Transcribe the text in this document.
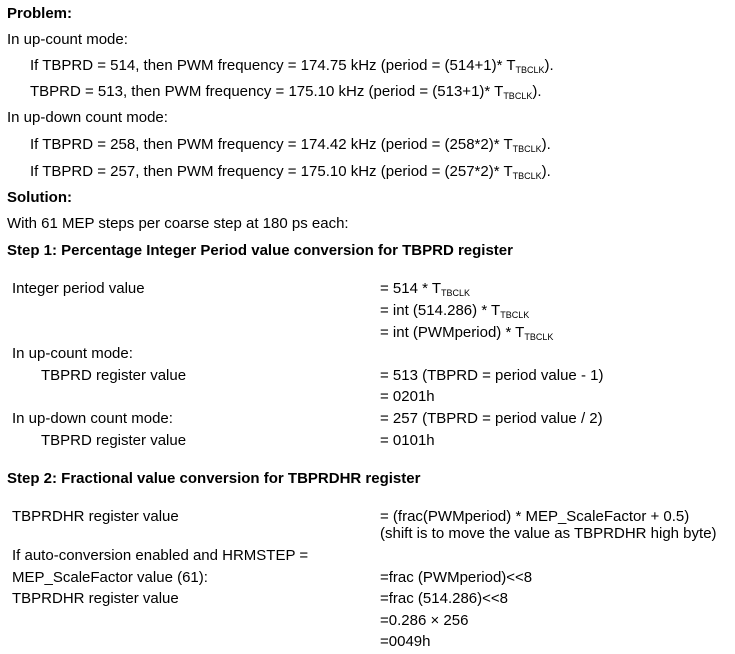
Problem:
In up-count mode:
If TBPRD = 514, then PWM frequency = 174.75 kHz (period = (514+1)* $T_{TBCLK}$).
TBPRD = 513, then PWM frequency = 175.10 kHz (period = (513+1)* $T_{TBCLK}$).
In up-down count mode:
If TBPRD = 258, then PWM frequency = 174.42 kHz (period = (258*2)* $T_{TBCLK}$).
If TBPRD = 257, then PWM frequency = 175.10 kHz (period = (257*2)* $T_{TBCLK}$).
Solution:
With 61 MEP steps per coarse step at 180 ps each:
Step 1: Percentage Integer Period value conversion for TBPRD register
Integer period value	= $514 * T_{TBCLK}$
= int $(514.286) * T_{TBCLK}$
= int (PWMperiod) * $T_{TBCLK}$
In up-count mode:
TBPRD register value	= 513 (TBPRD = period value - 1)
= 0201h
In up-down count mode:	= 257 (TBPRD = period value / 2)
TBPRD register value	= 0101h
Step 2: Fractional value conversion for TBPRDHR register
TBPRDHR register value	= (frac(PWMperiod) * MEP_ScaleFactor + 0.5)
(shift is to move the value as TBPRDHR high byte)
If auto-conversion enabled and HRMSTEP =
MEP_ScaleFactor value (61):	=frac (PWMperiod)<<8
TBPRDHR register value	=frac (514.286)<<8
=0.286 × 256
=0049h
